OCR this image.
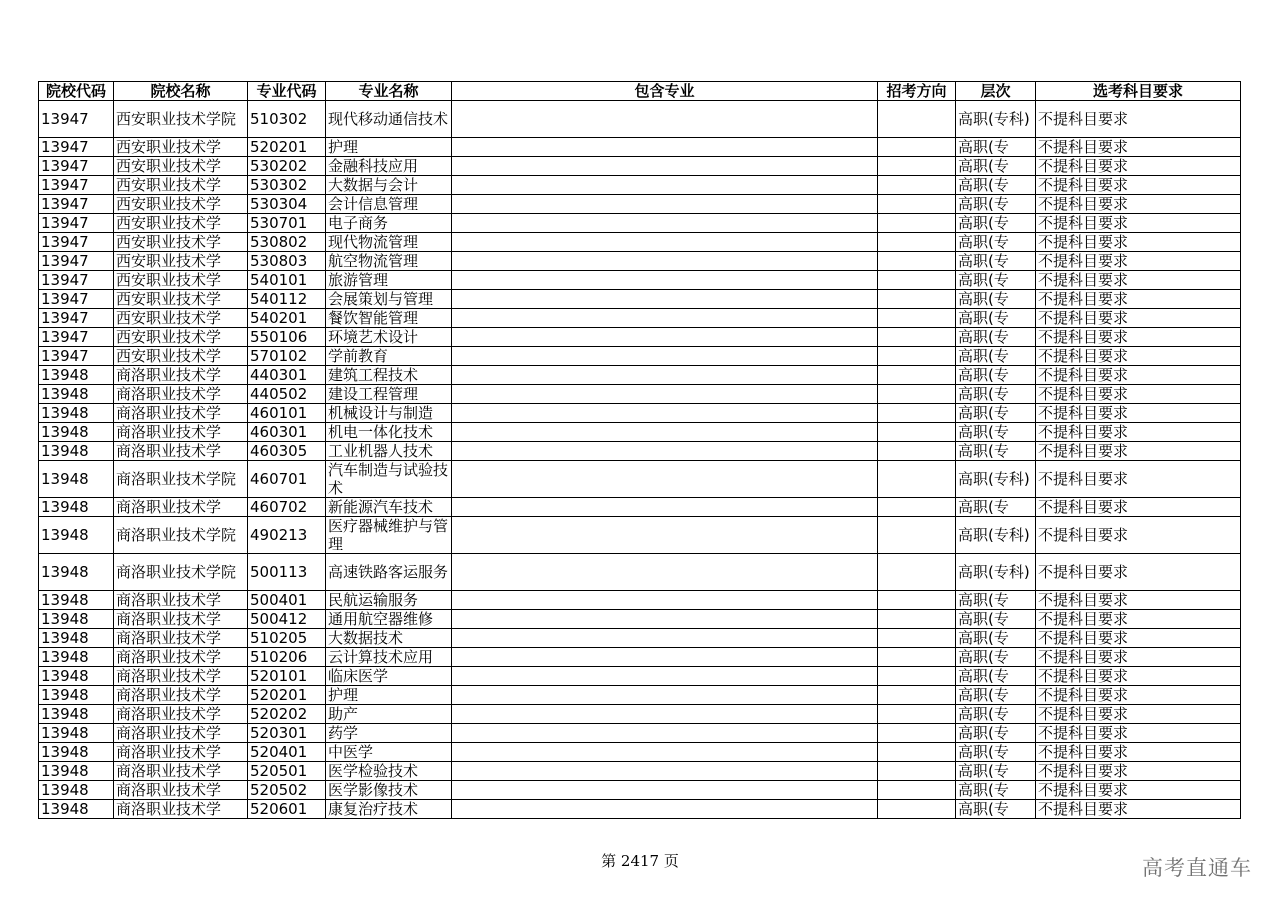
院校代码	院校名称	专业代码	专业名称	包含专业	招考方向	层次	选考科目要求
13947	西安职业技术学院	510302	现代移动通信技术			高职(专科)	不提科目要求
13947	西安职业技术学	520201	护理			高职(专	不提科目要求
13947	西安职业技术学	530202	金融科技应用			高职(专	不提科目要求
13947	西安职业技术学	530302	大数据与会计			高职(专	不提科目要求
13947	西安职业技术学	530304	会计信息管理			高职(专	不提科目要求
13947	西安职业技术学	530701	电子商务			高职(专	不提科目要求
13947	西安职业技术学	530802	现代物流管理			高职(专	不提科目要求
13947	西安职业技术学	530803	航空物流管理			高职(专	不提科目要求
13947	西安职业技术学	540101	旅游管理			高职(专	不提科目要求
13947	西安职业技术学	540112	会展策划与管理			高职(专	不提科目要求
13947	西安职业技术学	540201	餐饮智能管理			高职(专	不提科目要求
13947	西安职业技术学	550106	环境艺术设计			高职(专	不提科目要求
13947	西安职业技术学	570102	学前教育			高职(专	不提科目要求
13948	商洛职业技术学	440301	建筑工程技术			高职(专	不提科目要求
13948	商洛职业技术学	440502	建设工程管理			高职(专	不提科目要求
13948	商洛职业技术学	460101	机械设计与制造			高职(专	不提科目要求
13948	商洛职业技术学	460301	机电一体化技术			高职(专	不提科目要求
13948	商洛职业技术学	460305	工业机器人技术			高职(专	不提科目要求
13948	商洛职业技术学院	460701	汽车制造与试验技术			高职(专科)	不提科目要求
13948	商洛职业技术学	460702	新能源汽车技术			高职(专	不提科目要求
13948	商洛职业技术学院	490213	医疗器械维护与管理			高职(专科)	不提科目要求
13948	商洛职业技术学院	500113	高速铁路客运服务			高职(专科)	不提科目要求
13948	商洛职业技术学	500401	民航运输服务			高职(专	不提科目要求
13948	商洛职业技术学	500412	通用航空器维修			高职(专	不提科目要求
13948	商洛职业技术学	510205	大数据技术			高职(专	不提科目要求
13948	商洛职业技术学	510206	云计算技术应用			高职(专	不提科目要求
13948	商洛职业技术学	520101	临床医学			高职(专	不提科目要求
13948	商洛职业技术学	520201	护理			高职(专	不提科目要求
13948	商洛职业技术学	520202	助产			高职(专	不提科目要求
13948	商洛职业技术学	520301	药学			高职(专	不提科目要求
13948	商洛职业技术学	520401	中医学			高职(专	不提科目要求
13948	商洛职业技术学	520501	医学检验技术			高职(专	不提科目要求
13948	商洛职业技术学	520502	医学影像技术			高职(专	不提科目要求
13948	商洛职业技术学	520601	康复治疗技术			高职(专	不提科目要求
第 2417 页	高考直通车
